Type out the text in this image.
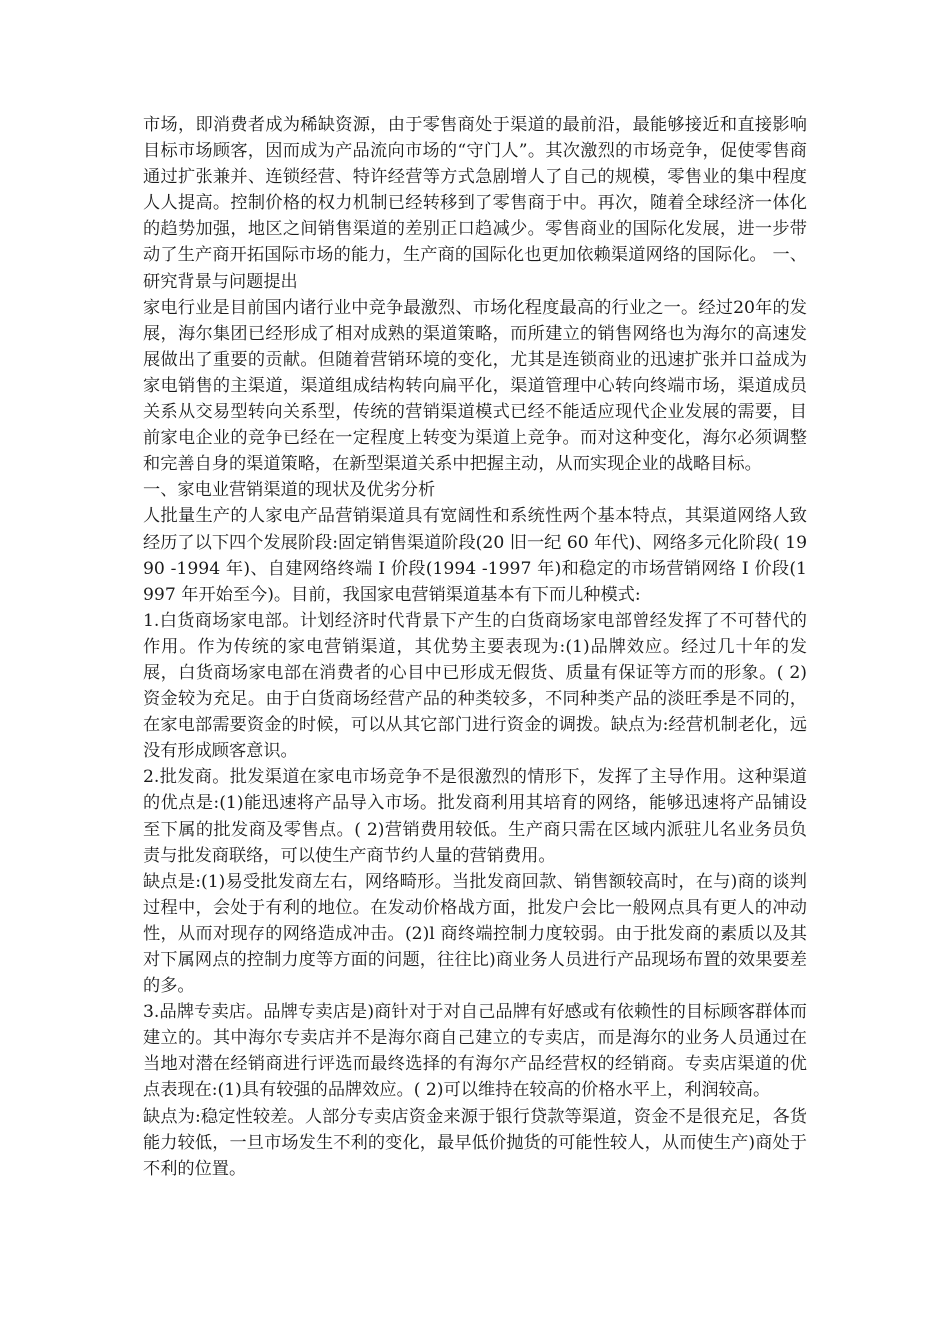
市场，即消费者成为稀缺资源，由于零售商处于渠道的最前沿，最能够接近和直接影响目标市场顾客，因而成为产品流向市场的“守门人”。其次激烈的市场竞争，促使零售商通过扩张兼并、连锁经营、特许经营等方式急剧增人了自己的规模，零售业的集中程度人人提高。控制价格的权力机制已经转移到了零售商于中。再次，随着全球经济一体化的趋势加强，地区之间销售渠道的差别正口趋减少。零售商业的国际化发展，进一步带动了生产商开拓国际市场的能力，生产商的国际化也更加依赖渠道网络的国际化。 一、研究背景与问题提出

家电行业是目前国内诸行业中竞争最激烈、市场化程度最高的行业之一。经过20年的发展，海尔集团已经形成了相对成熟的渠道策略，而所建立的销售网络也为海尔的高速发展做出了重要的贡献。但随着营销环境的变化，尤其是连锁商业的迅速扩张并口益成为家电销售的主渠道，渠道组成结构转向扁平化，渠道管理中心转向终端市场，渠道成员关系从交易型转向关系型，传统的营销渠道模式已经不能适应现代企业发展的需要，目前家电企业的竞争已经在一定程度上转变为渠道上竞争。而对这种变化，海尔必须调整和完善自身的渠道策略，在新型渠道关系中把握主动，从而实现企业的战略目标。

一、家电业营销渠道的现状及优劣分析

人批量生产的人家电产品营销渠道具有宽阔性和系统性两个基本特点，其渠道网络人致经历了以下四个发展阶段:固定销售渠道阶段(20 旧一纪 60 年代)、网络多元化阶段( 1990 -1994 年)、自建网络终端 I 价段(1994 -1997 年)和稳定的市场营销网络 I 价段(1997 年开始至今)。目前，我国家电营销渠道基本有下而儿种模式:

1.白货商场家电部。计划经济时代背景下产生的白货商场家电部曾经发挥了不可替代的作用。作为传统的家电营销渠道，其优势主要表现为:(1)品牌效应。经过几十年的发展，白货商场家电部在消费者的心目中已形成无假货、质量有保证等方而的形象。( 2)资金较为充足。由于白货商场经营产品的种类较多，不同种类产品的淡旺季是不同的，在家电部需要资金的时候，可以从其它部门进行资金的调拨。缺点为:经营机制老化，远没有形成顾客意识。

2.批发商。批发渠道在家电市场竞争不是很激烈的情形下，发挥了主导作用。这种渠道的优点是:(1)能迅速将产品导入市场。批发商利用其培育的网络，能够迅速将产品铺设至下属的批发商及零售点。( 2)营销费用较低。生产商只需在区域内派驻儿名业务员负责与批发商联络，可以使生产商节约人量的营销费用。

缺点是:(1)易受批发商左右，网络畸形。当批发商回款、销售额较高时，在与)商的谈判过程中，会处于有利的地位。在发动价格战方面，批发户会比一般网点具有更人的冲动性，从而对现存的网络造成冲击。(2)l 商终端控制力度较弱。由于批发商的素质以及其对下属网点的控制力度等方面的问题，往往比)商业务人员进行产品现场布置的效果要差的多。

3.品牌专卖店。品牌专卖店是)商针对于对自己品牌有好感或有依赖性的目标顾客群体而建立的。其中海尔专卖店并不是海尔商自己建立的专卖店，而是海尔的业务人员通过在当地对潜在经销商进行评选而最终选择的有海尔产品经营权的经销商。专卖店渠道的优点表现在:(1)具有较强的品牌效应。( 2)可以维持在较高的价格水平上，利润较高。

缺点为:稳定性较差。人部分专卖店资金来源于银行贷款等渠道，资金不是很充足，各货能力较低，一旦市场发生不利的变化，最早低价抛货的可能性较人，从而使生产)商处于不利的位置。
